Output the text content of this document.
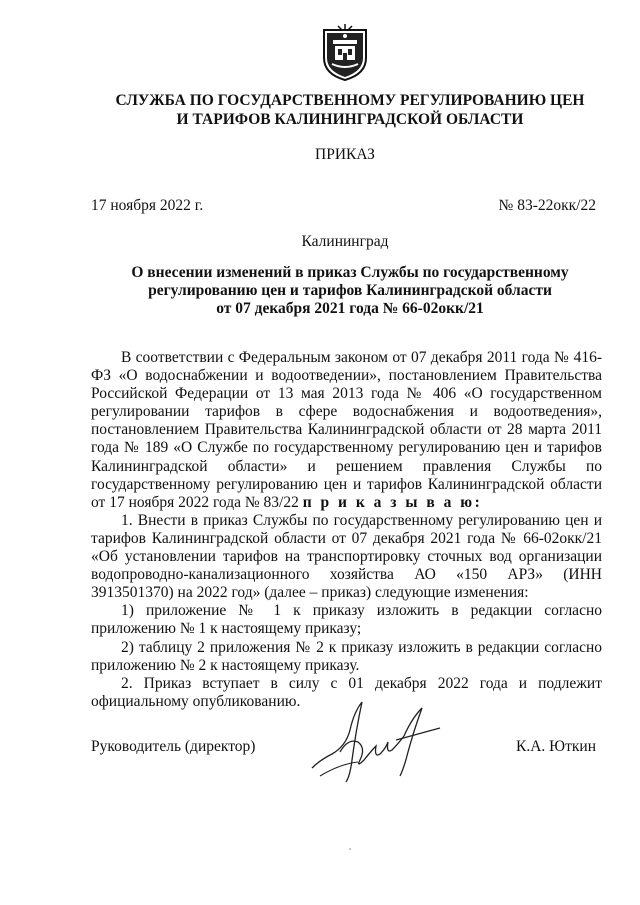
СЛУЖБА ПО ГОСУДАРСТВЕННОМУ РЕГУЛИРОВАНИЮ ЦЕН
И ТАРИФОВ КАЛИНИНГРАДСКОЙ ОБЛАСТИ

ПРИКАЗ

17 ноября 2022 г.	№ 83-22окк/22
Калининград

О внесении изменений в приказ Службы по государственному
регулированию цен и тарифов Калининградской области
от 07 декабря 2021 года № 66-02окк/21

В соответствии с Федеральным законом от 07 декабря 2011 года № 416-ФЗ «О водоснабжении и водоотведении», постановлением Правительства Российской Федерации от 13 мая 2013 года № 406 «О государственном регулировании тарифов в сфере водоснабжения и водоотведения», постановлением Правительства Калининградской области от 28 марта 2011 года № 189 «О Службе по государственному регулированию цен и тарифов Калининградской области» и решением правления Службы по государственному регулированию цен и тарифов Калининградской области от 17 ноября 2022 года № 83/22 п р и к а з ы в а ю:

1. Внести в приказ Службы по государственному регулированию цен и тарифов Калининградской области от 07 декабря 2021 года № 66-02окк/21 «Об установлении тарифов на транспортировку сточных вод организации водопроводно-канализационного хозяйства АО «150 АРЗ» (ИНН 3913501370) на 2022 год» (далее – приказ) следующие изменения:

1) приложение № 1 к приказу изложить в редакции согласно приложению № 1 к настоящему приказу;

2) таблицу 2 приложения № 2 к приказу изложить в редакции согласно приложению № 2 к настоящему приказу.

2. Приказ вступает в силу с 01 декабря 2022 года и подлежит официальному опубликованию.

Руководитель (директор)	К.А. Юткин
